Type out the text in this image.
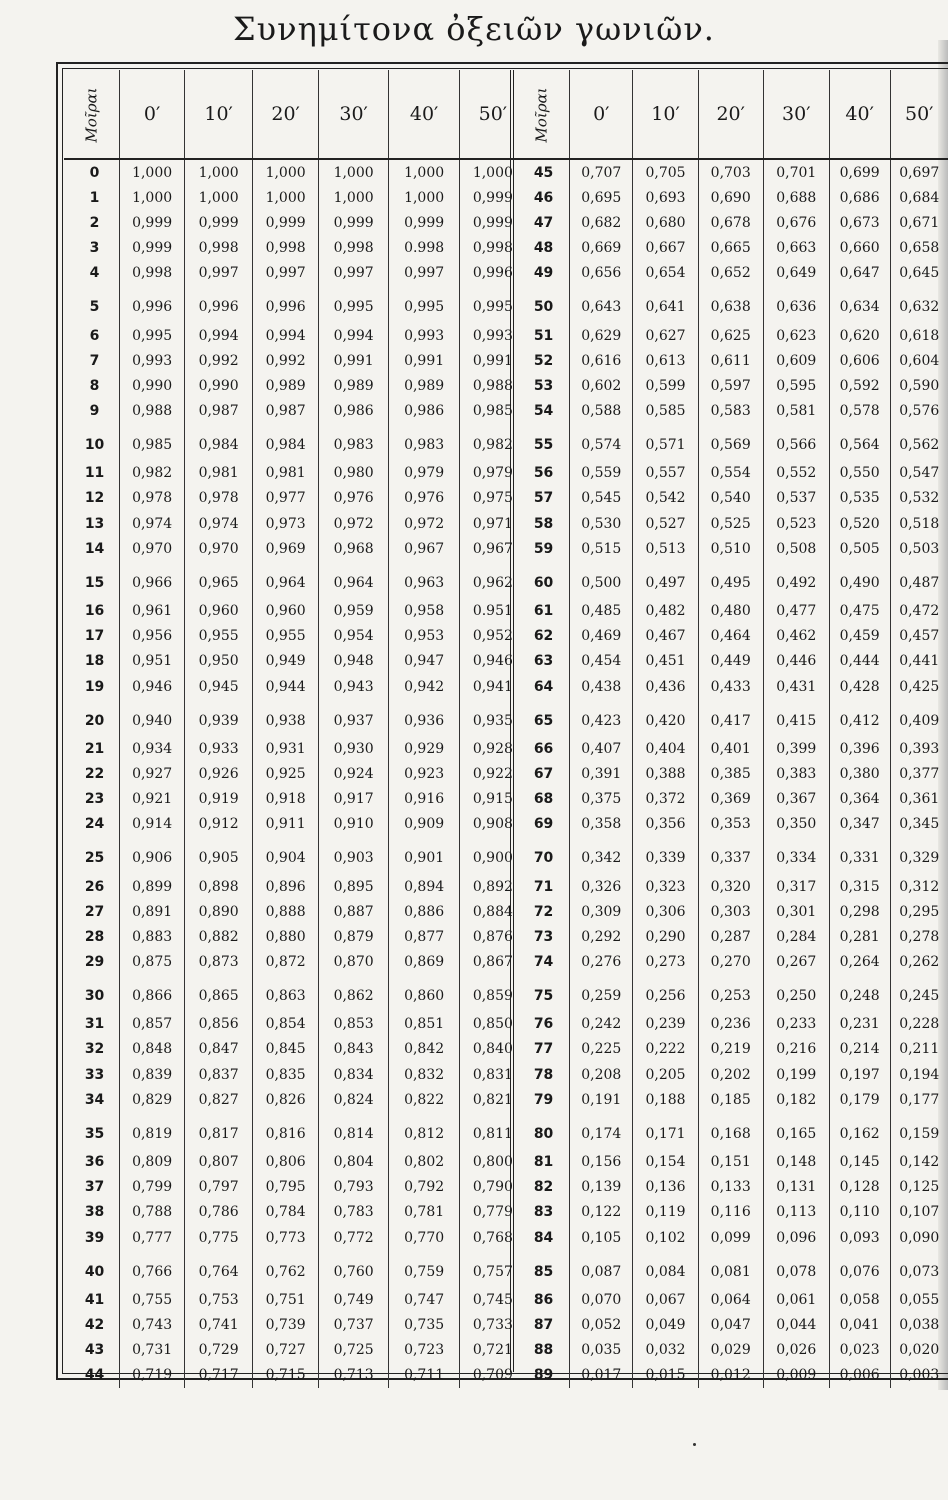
Συνημίτονα ὀξειῶν γωνιῶν.
Μοῖραι	0′	10′	20′	30′	40′	50′
0	1,000	1,000	1,000	1,000	1,000	1,000
1	1,000	1,000	1,000	1,000	1,000	0,999
2	0,999	0,999	0,999	0,999	0,999	0,999
3	0,999	0,998	0,998	0,998	0.998	0,998
4	0,998	0,997	0,997	0,997	0,997	0,996
5	0,996	0,996	0,996	0,995	0,995	0,995
6	0,995	0,994	0,994	0,994	0,993	0,993
7	0,993	0,992	0,992	0,991	0,991	0,991
8	0,990	0,990	0,989	0,989	0,989	0,988
9	0,988	0,987	0,987	0,986	0,986	0,985
10	0,985	0,984	0,984	0,983	0,983	0,982
11	0,982	0,981	0,981	0,980	0,979	0,979
12	0,978	0,978	0,977	0,976	0,976	0,975
13	0,974	0,974	0,973	0,972	0,972	0,971
14	0,970	0,970	0,969	0,968	0,967	0,967
15	0,966	0,965	0,964	0,964	0,963	0,962
16	0,961	0,960	0,960	0,959	0,958	0.951
17	0,956	0,955	0,955	0,954	0,953	0,952
18	0,951	0,950	0,949	0,948	0,947	0,946
19	0,946	0,945	0,944	0,943	0,942	0,941
20	0,940	0,939	0,938	0,937	0,936	0,935
21	0,934	0,933	0,931	0,930	0,929	0,928
22	0,927	0,926	0,925	0,924	0,923	0,922
23	0,921	0,919	0,918	0,917	0,916	0,915
24	0,914	0,912	0,911	0,910	0,909	0,908
25	0,906	0,905	0,904	0,903	0,901	0,900
26	0,899	0,898	0,896	0,895	0,894	0,892
27	0,891	0,890	0,888	0,887	0,886	0,884
28	0,883	0,882	0,880	0,879	0,877	0,876
29	0,875	0,873	0,872	0,870	0,869	0,867
30	0,866	0,865	0,863	0,862	0,860	0,859
31	0,857	0,856	0,854	0,853	0,851	0,850
32	0,848	0,847	0,845	0,843	0,842	0,840
33	0,839	0,837	0,835	0,834	0,832	0,831
34	0,829	0,827	0,826	0,824	0,822	0,821
35	0,819	0,817	0,816	0,814	0,812	0,811
36	0,809	0,807	0,806	0,804	0,802	0,800
37	0,799	0,797	0,795	0,793	0,792	0,790
38	0,788	0,786	0,784	0,783	0,781	0,779
39	0,777	0,775	0,773	0,772	0,770	0,768
40	0,766	0,764	0,762	0,760	0,759	0,757
41	0,755	0,753	0,751	0,749	0,747	0,745
42	0,743	0,741	0,739	0,737	0,735	0,733
43	0,731	0,729	0,727	0,725	0,723	0,721
44	0,719	0,717	0,715	0,713	0,711	0,709
Μοῖραι	0′	10′	20′	30′	40′	50′
45	0,707	0,705	0,703	0,701	0,699	0,697
46	0,695	0,693	0,690	0,688	0,686	0,684
47	0,682	0,680	0,678	0,676	0,673	0,671
48	0,669	0,667	0,665	0,663	0,660	0,658
49	0,656	0,654	0,652	0,649	0,647	0,645
50	0,643	0,641	0,638	0,636	0,634	0,632
51	0,629	0,627	0,625	0,623	0,620	0,618
52	0,616	0,613	0,611	0,609	0,606	0,604
53	0,602	0,599	0,597	0,595	0,592	0,590
54	0,588	0,585	0,583	0,581	0,578	0,576
55	0,574	0,571	0,569	0,566	0,564	0,562
56	0,559	0,557	0,554	0,552	0,550	0,547
57	0,545	0,542	0,540	0,537	0,535	0,532
58	0,530	0,527	0,525	0,523	0,520	0,518
59	0,515	0,513	0,510	0,508	0,505	0,503
60	0,500	0,497	0,495	0,492	0,490	0,487
61	0,485	0,482	0,480	0,477	0,475	0,472
62	0,469	0,467	0,464	0,462	0,459	0,457
63	0,454	0,451	0,449	0,446	0,444	0,441
64	0,438	0,436	0,433	0,431	0,428	0,425
65	0,423	0,420	0,417	0,415	0,412	0,409
66	0,407	0,404	0,401	0,399	0,396	0,393
67	0,391	0,388	0,385	0,383	0,380	0,377
68	0,375	0,372	0,369	0,367	0,364	0,361
69	0,358	0,356	0,353	0,350	0,347	0,345
70	0,342	0,339	0,337	0,334	0,331	0,329
71	0,326	0,323	0,320	0,317	0,315	0,312
72	0,309	0,306	0,303	0,301	0,298	0,295
73	0,292	0,290	0,287	0,284	0,281	0,278
74	0,276	0,273	0,270	0,267	0,264	0,262
75	0,259	0,256	0,253	0,250	0,248	0,245
76	0,242	0,239	0,236	0,233	0,231	0,228
77	0,225	0,222	0,219	0,216	0,214	0,211
78	0,208	0,205	0,202	0,199	0,197	0,194
79	0,191	0,188	0,185	0,182	0,179	0,177
80	0,174	0,171	0,168	0,165	0,162	0,159
81	0,156	0,154	0,151	0,148	0,145	0,142
82	0,139	0,136	0,133	0,131	0,128	0,125
83	0,122	0,119	0,116	0,113	0,110	0,107
84	0,105	0,102	0,099	0,096	0,093	0,090
85	0,087	0,084	0,081	0,078	0,076	0,073
86	0,070	0,067	0,064	0,061	0,058	0,055
87	0,052	0,049	0,047	0,044	0,041	0,038
88	0,035	0,032	0,029	0,026	0,023	0,020
89	0,017	0,015	0,012	0,009	0,006	0,003
